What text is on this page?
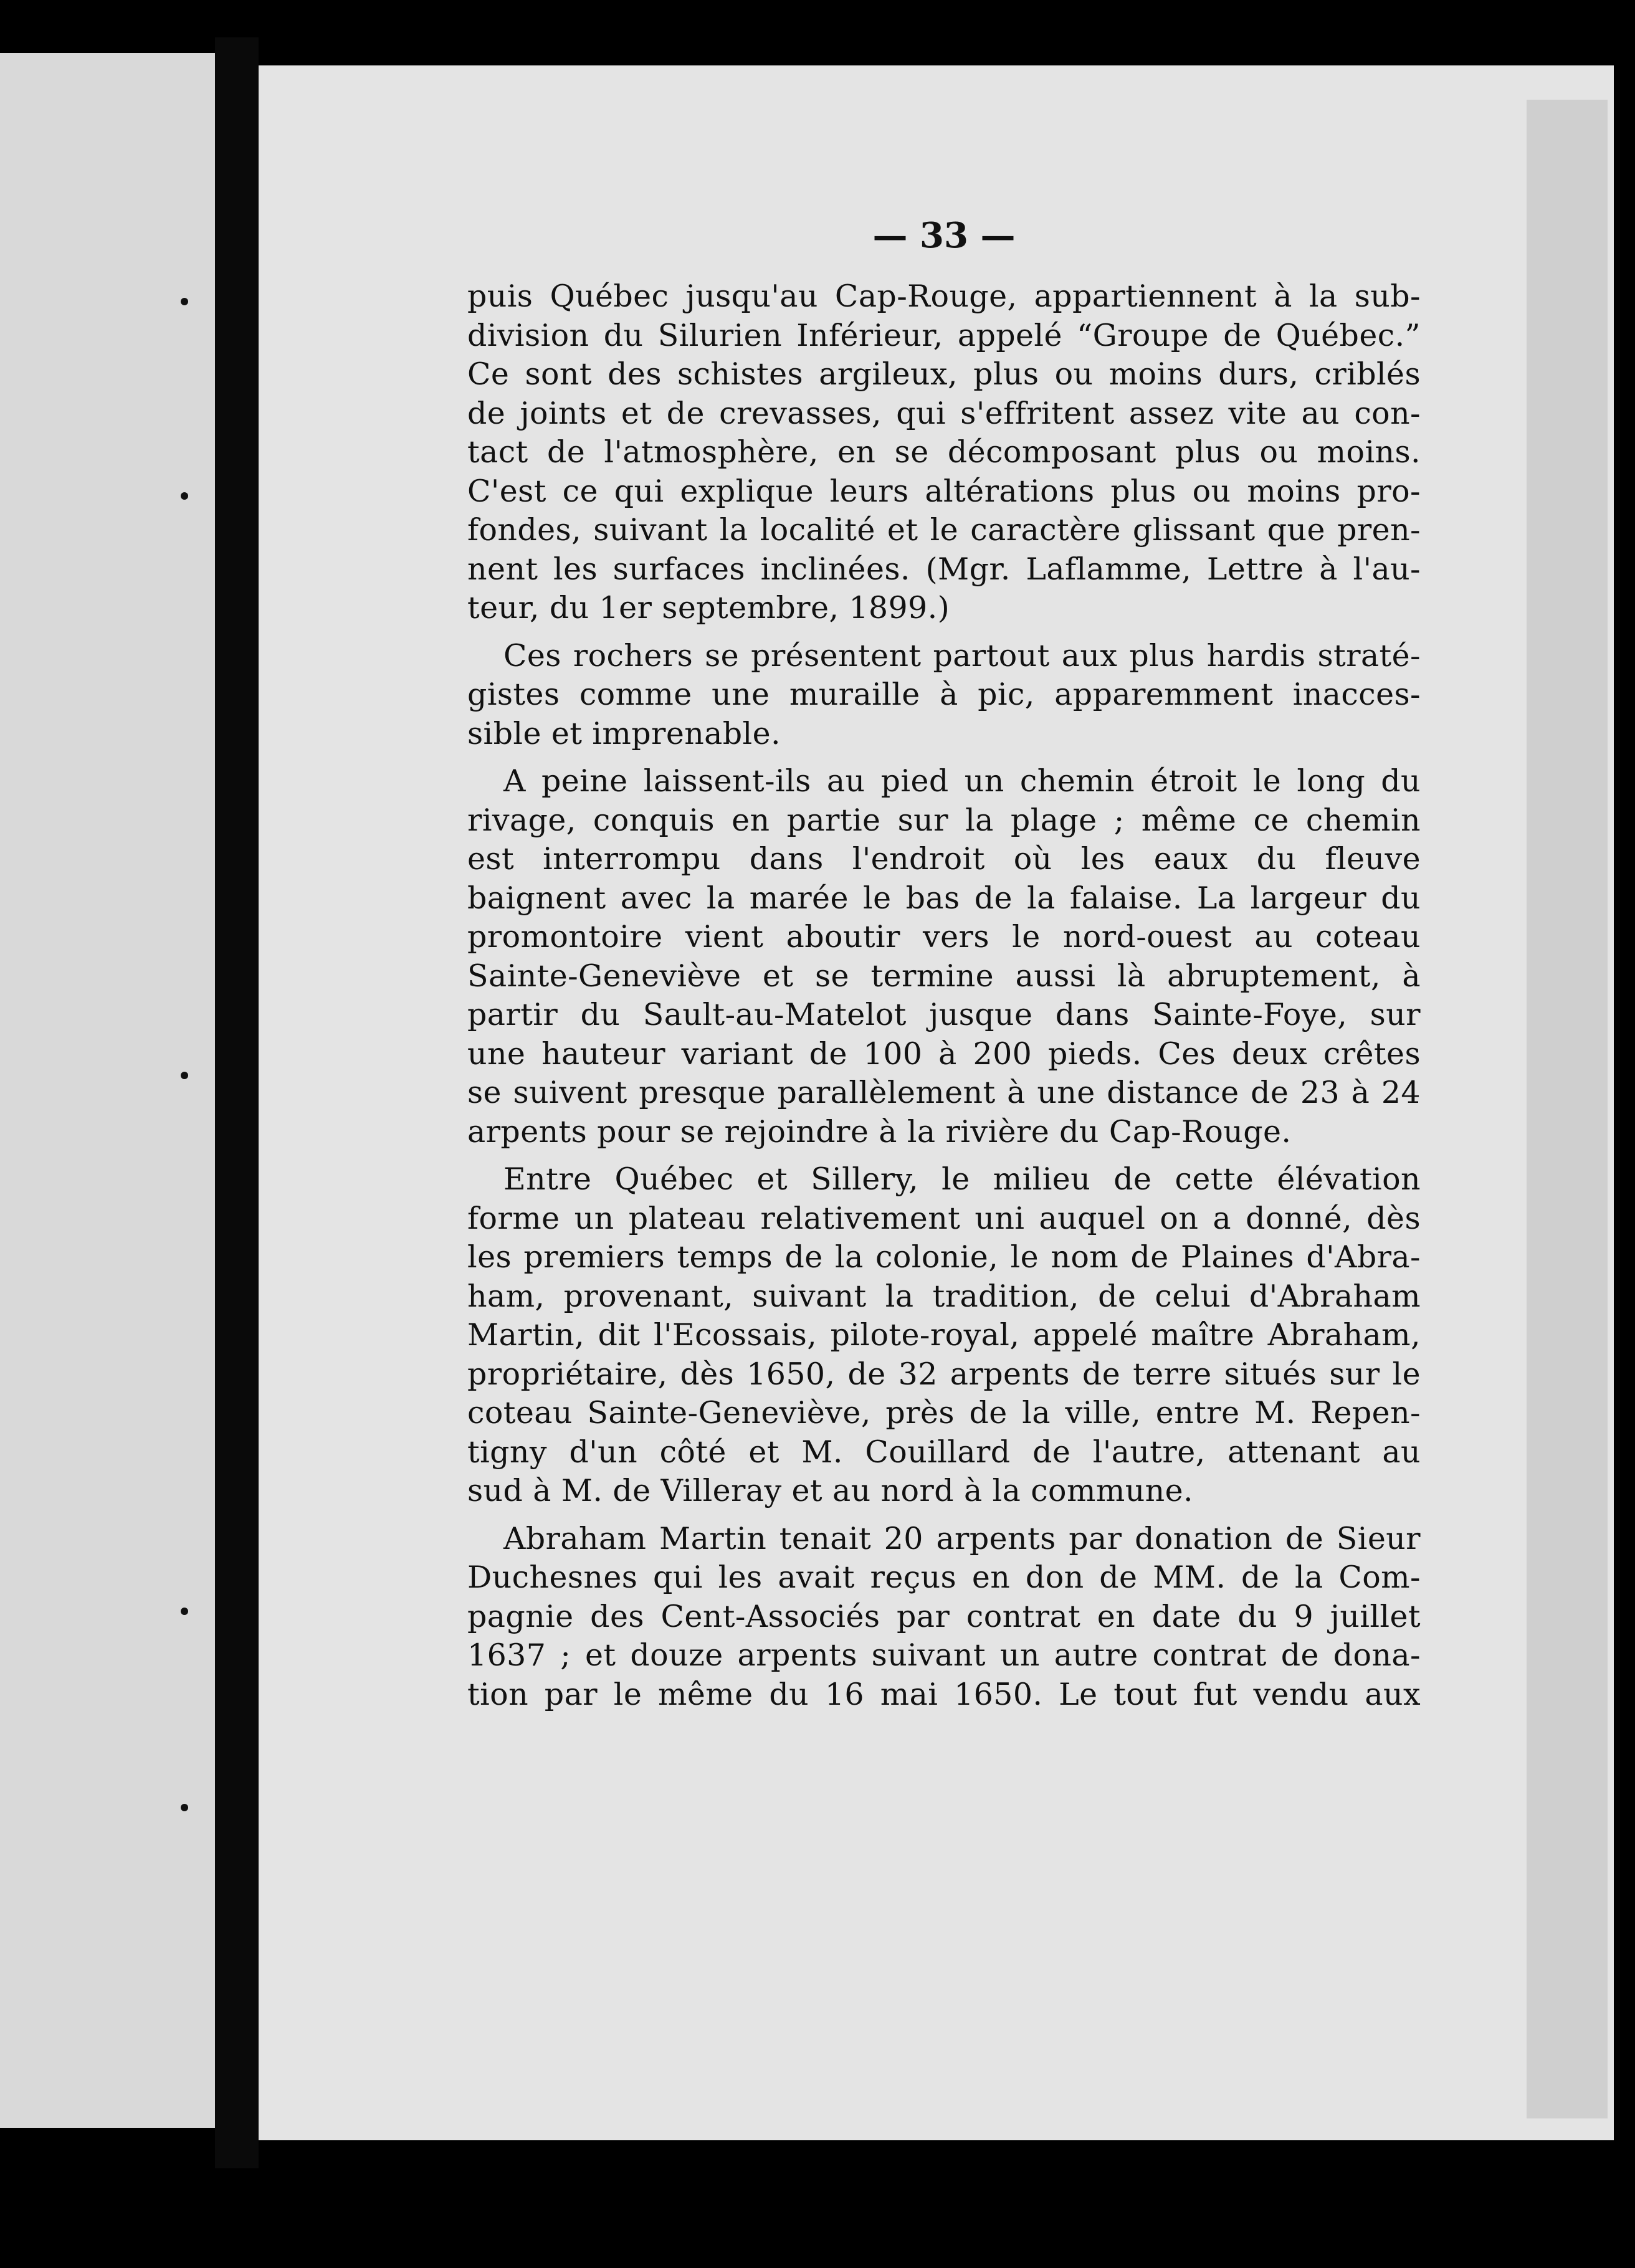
— 33 —
puis Québec jusqu'au Cap-Rouge, appartiennent à la sub-
division du Silurien Inférieur, appelé “Groupe de Québec.”
Ce sont des schistes argileux, plus ou moins durs, criblés
de joints et de crevasses, qui s'effritent assez vite au con-
tact de l'atmosphère, en se décomposant plus ou moins.
C'est ce qui explique leurs altérations plus ou moins pro-
fondes, suivant la localité et le caractère glissant que pren-
nent les surfaces inclinées. (Mgr. Laflamme, Lettre à l'au-
teur, du 1er septembre, 1899.)
Ces rochers se présentent partout aux plus hardis straté-
gistes comme une muraille à pic, apparemment inacces-
sible et imprenable.
A peine laissent-ils au pied un chemin étroit le long du
rivage, conquis en partie sur la plage ; même ce chemin
est interrompu dans l'endroit où les eaux du fleuve
baignent avec la marée le bas de la falaise. La largeur du
promontoire vient aboutir vers le nord-ouest au coteau
Sainte-Geneviève et se termine aussi là abruptement, à
partir du Sault-au-Matelot jusque dans Sainte-Foye, sur
une hauteur variant de 100 à 200 pieds. Ces deux crêtes
se suivent presque parallèlement à une distance de 23 à 24
arpents pour se rejoindre à la rivière du Cap-Rouge.
Entre Québec et Sillery, le milieu de cette élévation
forme un plateau relativement uni auquel on a donné, dès
les premiers temps de la colonie, le nom de Plaines d'Abra-
ham, provenant, suivant la tradition, de celui d'Abraham
Martin, dit l'Ecossais, pilote-royal, appelé maître Abraham,
propriétaire, dès 1650, de 32 arpents de terre situés sur le
coteau Sainte-Geneviève, près de la ville, entre M. Repen-
tigny d'un côté et M. Couillard de l'autre, attenant au
sud à M. de Villeray et au nord à la commune.
Abraham Martin tenait 20 arpents par donation de Sieur
Duchesnes qui les avait reçus en don de MM. de la Com-
pagnie des Cent-Associés par contrat en date du 9 juillet
1637 ; et douze arpents suivant un autre contrat de dona-
tion par le même du 16 mai 1650. Le tout fut vendu aux
